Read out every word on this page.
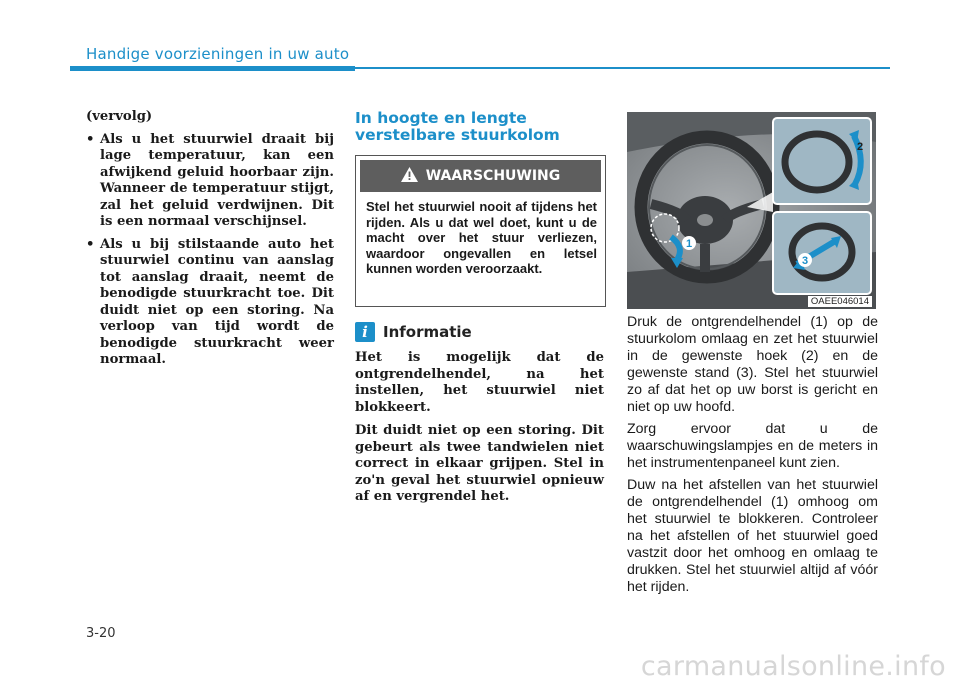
Handige voorzieningen in uw auto

(vervolg)

• Als u het stuurwiel draait bij lage temperatuur, kan een afwijkend geluid hoorbaar zijn. Wanneer de temperatuur stijgt, zal het geluid verdwijnen. Dit is een normaal verschijnsel.
• Als u bij stilstaande auto het stuurwiel continu van aanslag tot aanslag draait, neemt de benodigde stuurkracht toe. Dit duidt niet op een storing. Na verloop van tijd wordt de benodigde stuurkracht weer normaal.
In hoogte en lengte verstelbare stuurkolom
WAARSCHUWING
Stel het stuurwiel nooit af tijdens het rijden. Als u dat wel doet, kunt u de macht over het stuur verliezen, waardoor ongevallen en letsel kunnen worden veroorzaakt.
i	Informatie

Het is mogelijk dat de ontgrendelhendel, na het instellen, het stuurwiel niet blokkeert.

Dit duidt niet op een storing. Dit gebeurt als twee tandwielen niet correct in elkaar grijpen. Stel in zo'n geval het stuurwiel opnieuw af en vergrendel het.

1
2
3
OAEE046014

Druk de ontgrendelhendel (1) op de stuurkolom omlaag en zet het stuurwiel in de gewenste hoek (2) en de gewenste stand (3). Stel het stuurwiel zo af dat het op uw borst is gericht en niet op uw hoofd.

Zorg ervoor dat u de waarschuwingslampjes en de meters in het instrumentenpaneel kunt zien.

Duw na het afstellen van het stuurwiel de ontgrendelhendel (1) omhoog om het stuurwiel te blokkeren. Controleer na het afstellen of het stuurwiel goed vastzit door het omhoog en omlaag te drukken. Stel het stuurwiel altijd af vóór het rijden.

3-20
carmanualsonline.info
